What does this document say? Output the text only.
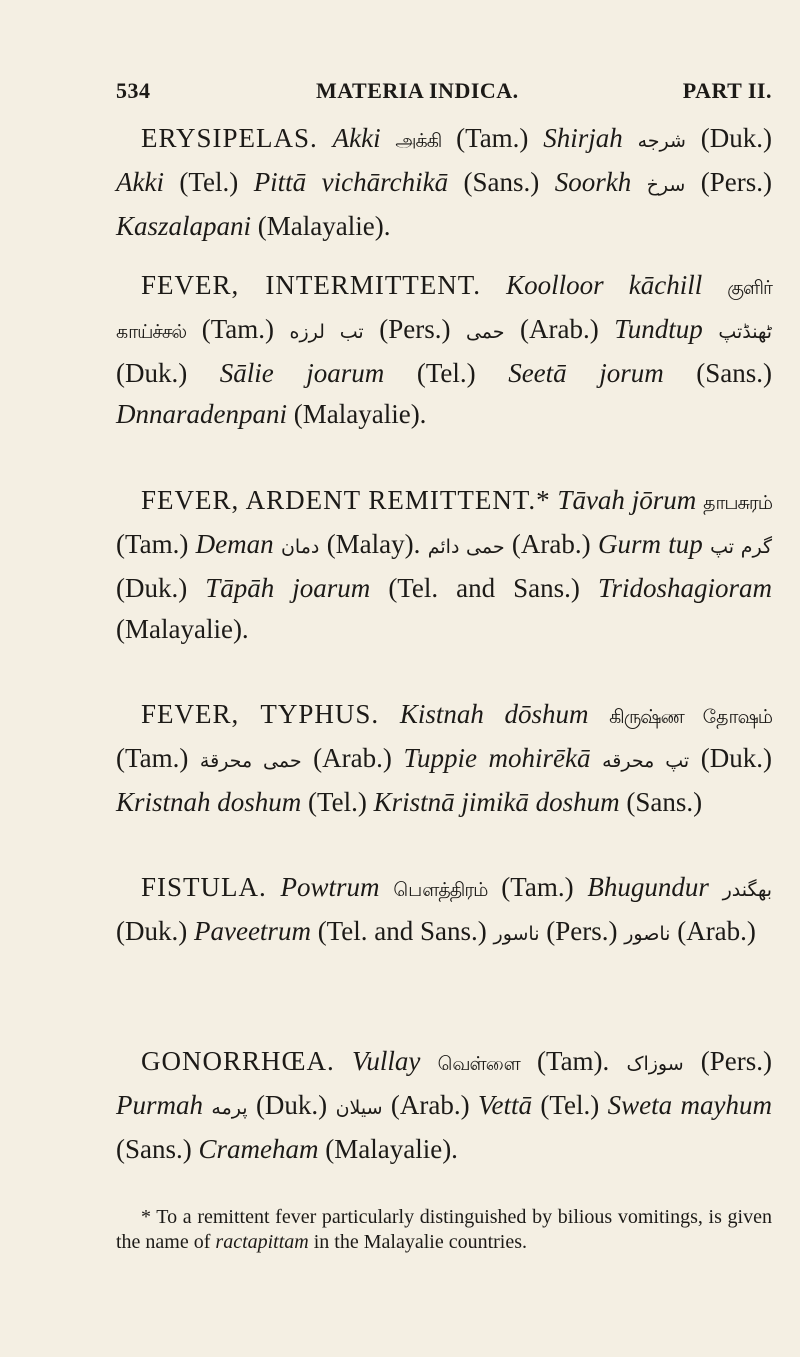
534	MATERIA INDICA.	PART II.

ERYSIPELAS. Akki அக்கி (Tam.) Shirjah شرجه (Duk.) Akki (Tel.) Pittā vichārchikā (Sans.) Soorkh سرخ (Pers.) Kaszalapani (Malayalie).

FEVER, INTERMITTENT. Koolloor kāchill குளிர் காய்ச்சல் (Tam.) تب لرزه (Pers.) حمى (Arab.) Tundtup ٹھنڈتپ (Duk.) Sālie joarum (Tel.) Seetā jorum (Sans.) Dnnaradenpani (Malayalie).

FEVER, ARDENT REMITTENT.* Tāvah jōrum தாபசுரம் (Tam.) Deman دمان (Malay). حمى دائم (Arab.) Gurm tup گرم تپ (Duk.) Tāpāh joarum (Tel. and Sans.) Tridoshagioram (Malayalie).

FEVER, TYPHUS. Kistnah dōshum கிருஷ்ண தோஷம் (Tam.) حمى محرقة (Arab.) Tuppie mohirēkā تپ محرقه (Duk.) Kristnah doshum (Tel.) Kristnā jimikā doshum (Sans.)

FISTULA. Powtrum பௌத்திரம் (Tam.) Bhugundur بھگندر (Duk.) Paveetrum (Tel. and Sans.) ناسور (Pers.) ناصور (Arab.)

GONORRHŒA. Vullay வெள்ளை (Tam). سوزاک (Pers.) Purmah پرمه (Duk.) سيلان (Arab.) Vettā (Tel.) Sweta mayhum (Sans.) Crameham (Malayalie).

* To a remittent fever particularly distinguished by bilious vomitings, is given the name of ractapittam in the Malayalie countries.
